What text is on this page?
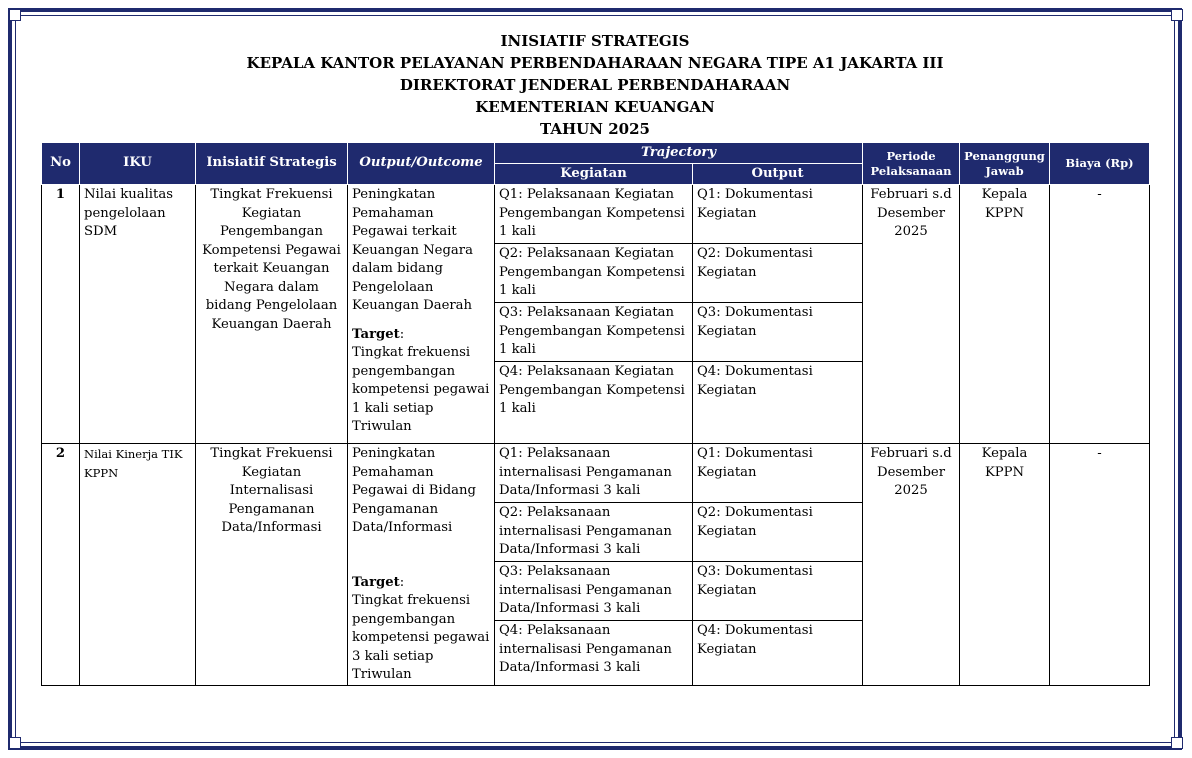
INISIATIF STRATEGIS
KEPALA KANTOR PELAYANAN PERBENDAHARAAN NEGARA TIPE A1 JAKARTA III
DIREKTORAT JENDERAL PERBENDAHARAAN
KEMENTERIAN KEUANGAN
TAHUN 2025
No	IKU	Inisiatif Strategis	Output/Outcome	Trajectory		Periode Pelaksanaan	Penanggung Jawab	Biaya (Rp)
				Kegiatan	Output			
1	Nilai kualitas pengelolaan SDM	Tingkat Frekuensi Kegiatan Pengembangan Kompetensi Pegawai terkait Keuangan Negara dalam bidang Pengelolaan Keuangan Daerah	Peningkatan Pemahaman Pegawai terkait Keuangan Negara dalam bidang Pengelolaan Keuangan Daerah
Target:
Tingkat frekuensi pengembangan kompetensi pegawai 1 kali setiap Triwulan	Q1: Pelaksanaan Kegiatan Pengembangan Kompetensi 1 kali	Q1: Dokumentasi Kegiatan	Februari s.d Desember 2025	Kepala KPPN	-
				Q2: Pelaksanaan Kegiatan Pengembangan Kompetensi 1 kali	Q2: Dokumentasi Kegiatan			
				Q3: Pelaksanaan Kegiatan Pengembangan Kompetensi 1 kali	Q3: Dokumentasi Kegiatan			
				Q4: Pelaksanaan Kegiatan Pengembangan Kompetensi 1 kali	Q4: Dokumentasi Kegiatan			
2	Nilai Kinerja TIK KPPN	Tingkat Frekuensi Kegiatan Internalisasi Pengamanan Data/Informasi	Peningkatan Pemahaman Pegawai di Bidang Pengamanan Data/Informasi
Target:
Tingkat frekuensi pengembangan kompetensi pegawai 3 kali setiap Triwulan	Q1: Pelaksanaan internalisasi Pengamanan Data/Informasi 3 kali	Q1: Dokumentasi Kegiatan	Februari s.d Desember 2025	Kepala KPPN	-
				Q2: Pelaksanaan internalisasi Pengamanan Data/Informasi 3 kali	Q2: Dokumentasi Kegiatan			
				Q3: Pelaksanaan internalisasi Pengamanan Data/Informasi 3 kali	Q3: Dokumentasi Kegiatan			
				Q4: Pelaksanaan internalisasi Pengamanan Data/Informasi 3 kali	Q4: Dokumentasi Kegiatan			
